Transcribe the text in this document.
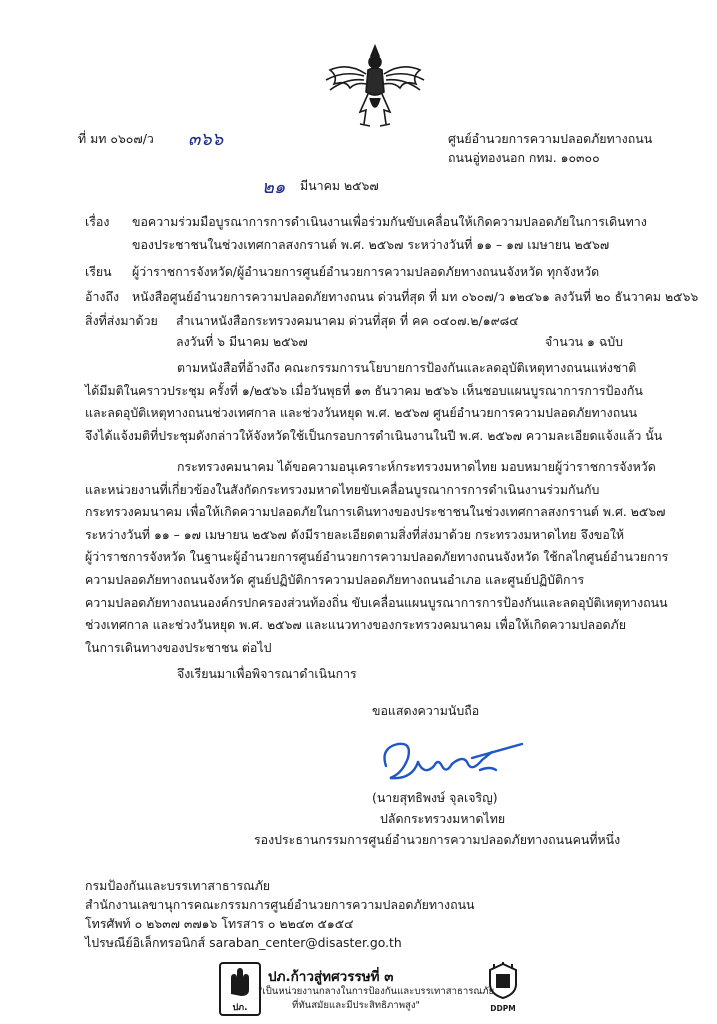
ที่ มท ๐๖๐๗/ว ๓๖๖	ศูนย์อำนวยการความปลอดภัยทางถนน
ถนนอู่ทองนอก กทม. ๑๐๓๐๐
๒๑ มีนาคม ๒๕๖๗
เรื่อง ขอความร่วมมือบูรณาการการดำเนินงานเพื่อร่วมกันขับเคลื่อนให้เกิดความปลอดภัยในการเดินทาง
ของประชาชนในช่วงเทศกาลสงกรานต์ พ.ศ. ๒๕๖๗ ระหว่างวันที่ ๑๑ – ๑๗ เมษายน ๒๕๖๗
เรียน ผู้ว่าราชการจังหวัด/ผู้อำนวยการศูนย์อำนวยการความปลอดภัยทางถนนจังหวัด ทุกจังหวัด
อ้างถึง หนังสือศูนย์อำนวยการความปลอดภัยทางถนน ด่วนที่สุด ที่ มท ๐๖๐๗/ว ๑๒๔๖๑ ลงวันที่ ๒๐ ธันวาคม ๒๕๖๖
สิ่งที่ส่งมาด้วย สำเนาหนังสือกระทรวงคมนาคม ด่วนที่สุด ที่ คค ๐๔๐๗.๒/๑๙๘๔
ลงวันที่ ๖ มีนาคม ๒๕๖๗	จำนวน ๑ ฉบับ
ตามหนังสือที่อ้างถึง คณะกรรมการนโยบายการป้องกันและลดอุบัติเหตุทางถนนแห่งชาติ
ได้มีมติในคราวประชุม ครั้งที่ ๑/๒๕๖๖ เมื่อวันพุธที่ ๑๓ ธันวาคม ๒๕๖๖ เห็นชอบแผนบูรณาการการป้องกัน
และลดอุบัติเหตุทางถนนช่วงเทศกาล และช่วงวันหยุด พ.ศ. ๒๕๖๗ ศูนย์อำนวยการความปลอดภัยทางถนน
จึงได้แจ้งมติที่ประชุมดังกล่าวให้จังหวัดใช้เป็นกรอบการดำเนินงานในปี พ.ศ. ๒๕๖๗ ความละเอียดแจ้งแล้ว นั้น
กระทรวงคมนาคม ได้ขอความอนุเคราะห์กระทรวงมหาดไทย มอบหมายผู้ว่าราชการจังหวัด
และหน่วยงานที่เกี่ยวข้องในสังกัดกระทรวงมหาดไทยขับเคลื่อนบูรณาการการดำเนินงานร่วมกันกับ
กระทรวงคมนาคม เพื่อให้เกิดความปลอดภัยในการเดินทางของประชาชนในช่วงเทศกาลสงกรานต์ พ.ศ. ๒๕๖๗
ระหว่างวันที่ ๑๑ – ๑๗ เมษายน ๒๕๖๗ ดังมีรายละเอียดตามสิ่งที่ส่งมาด้วย กระทรวงมหาดไทย จึงขอให้
ผู้ว่าราชการจังหวัด ในฐานะผู้อำนวยการศูนย์อำนวยการความปลอดภัยทางถนนจังหวัด ใช้กลไกศูนย์อำนวยการ
ความปลอดภัยทางถนนจังหวัด ศูนย์ปฏิบัติการความปลอดภัยทางถนนอำเภอ และศูนย์ปฏิบัติการ
ความปลอดภัยทางถนนองค์กรปกครองส่วนท้องถิ่น ขับเคลื่อนแผนบูรณาการการป้องกันและลดอุบัติเหตุทางถนน
ช่วงเทศกาล และช่วงวันหยุด พ.ศ. ๒๕๖๗ และแนวทางของกระทรวงคมนาคม เพื่อให้เกิดความปลอดภัย
ในการเดินทางของประชาชน ต่อไป
จึงเรียนมาเพื่อพิจารณาดำเนินการ
ขอแสดงความนับถือ
(นายสุทธิพงษ์ จุลเจริญ)
ปลัดกระทรวงมหาดไทย
รองประธานกรรมการศูนย์อำนวยการความปลอดภัยทางถนนคนที่หนึ่ง
กรมป้องกันและบรรเทาสาธารณภัย
สำนักงานเลขานุการคณะกรรมการศูนย์อำนวยการความปลอดภัยทางถนน
โทรศัพท์ ๐ ๒๖๓๗ ๓๗๑๖ โทรสาร ๐ ๒๒๔๓ ๕๑๕๔
ไปรษณีย์อิเล็กทรอนิกส์ saraban_center@disaster.go.th
ปภ.
ปภ.ก้าวสู่ทศวรรษที่ ๓
"เป็นหน่วยงานกลางในการป้องกันและบรรเทาสาธารณภัย
ที่ทันสมัยและมีประสิทธิภาพสูง"	DDPM
